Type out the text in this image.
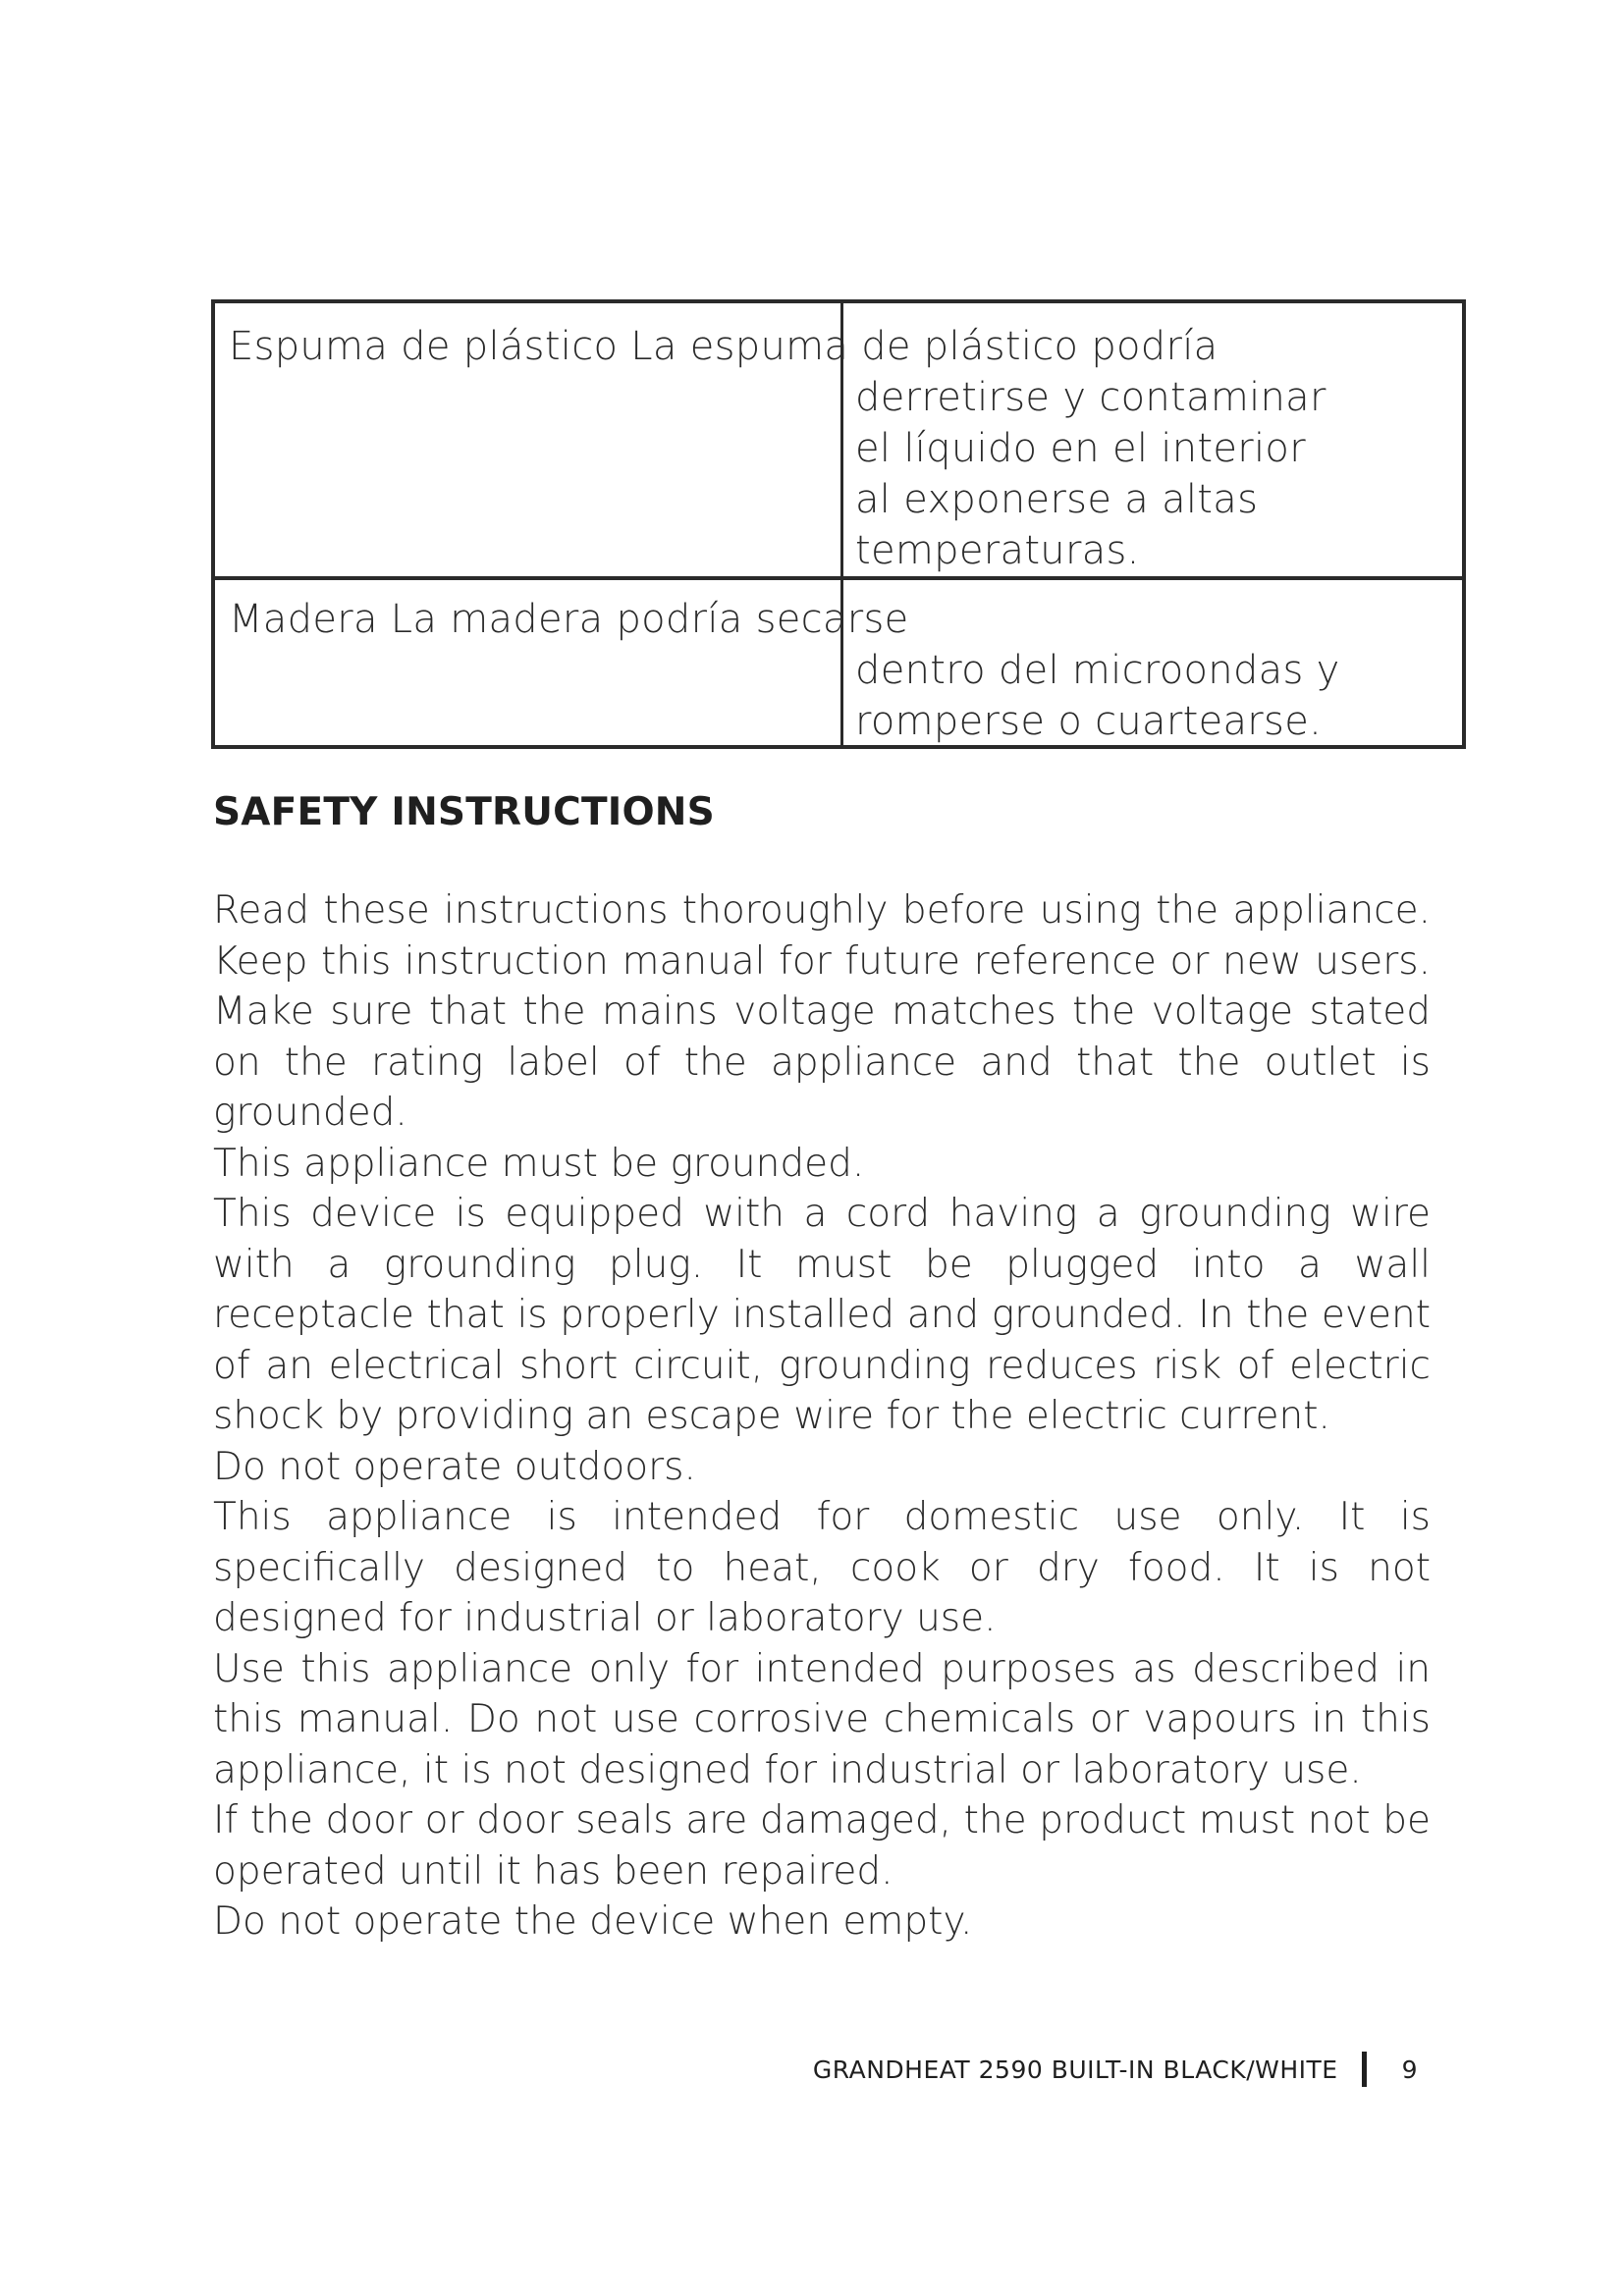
Espuma de plástico La espuma de plástico podría
derretirse y contaminar
el líquido en el interior
al exponerse a altas
temperaturas.
Madera La madera podría secarse
dentro del microondas y
romperse o cuartearse.
SAFETY INSTRUCTIONS

Read these instructions thoroughly before using the appliance. Keep this instruction manual for future reference or new users. Make sure that the mains voltage matches the voltage stated on the rating label of the appliance and that the outlet is grounded.

This appliance must be grounded.

This device is equipped with a cord having a grounding wire with a grounding plug. It must be plugged into a wall receptacle that is properly installed and grounded. In the event of an electrical short circuit, grounding reduces risk of electric shock by providing an escape wire for the electric current.

Do not operate outdoors.

This appliance is intended for domestic use only. It is specifically designed to heat, cook or dry food. It is not designed for industrial or laboratory use.

Use this appliance only for intended purposes as described in this manual. Do not use corrosive chemicals or vapours in this appliance, it is not designed for industrial or laboratory use.

If the door or door seals are damaged, the product must not be operated until it has been repaired.

Do not operate the device when empty.

GRANDHEAT 2590 BUILT-IN BLACK/WHITE	9
